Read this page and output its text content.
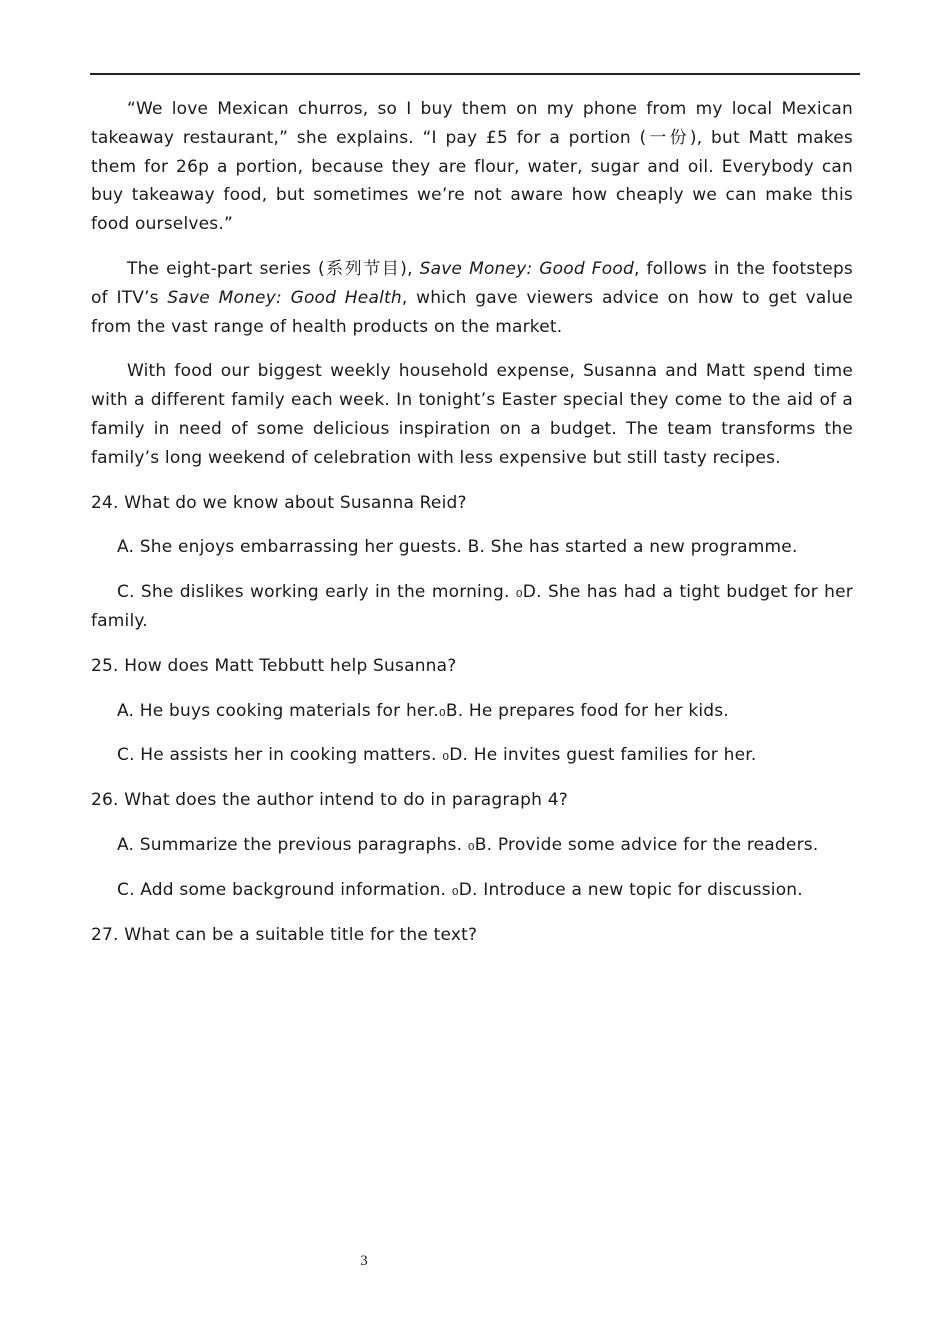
“We love Mexican churros, so I buy them on my phone from my local Mexican takeaway restaurant,” she explains. “I pay £5 for a portion (一份), but Matt makes them for 26p a portion, because they are flour, water, sugar and oil. Everybody can buy takeaway food, but sometimes we’re not aware how cheaply we can make this food ourselves.”

The eight-part series (系列节目), Save Money: Good Food, follows in the footsteps of ITV’s Save Money: Good Health, which gave viewers advice on how to get value from the vast range of health products on the market.

With food our biggest weekly household expense, Susanna and Matt spend time with a different family each week. In tonight’s Easter special they come to the aid of a family in need of some delicious inspiration on a budget. The team transforms the family’s long weekend of celebration with less expensive but still tasty recipes.

24. What do we know about Susanna Reid?

A. She enjoys embarrassing her guests. B. She has started a new programme.

C. She dislikes working early in the morning. ₀D. She has had a tight budget for her family.

25. How does Matt Tebbutt help Susanna?

A. He buys cooking materials for her.₀B. He prepares food for her kids.

C. He assists her in cooking matters. ₀D. He invites guest families for her.

26. What does the author intend to do in paragraph 4?

A. Summarize the previous paragraphs. ₀B. Provide some advice for the readers.

C. Add some background information. ₀D. Introduce a new topic for discussion.

27. What can be a suitable title for the text?

3
